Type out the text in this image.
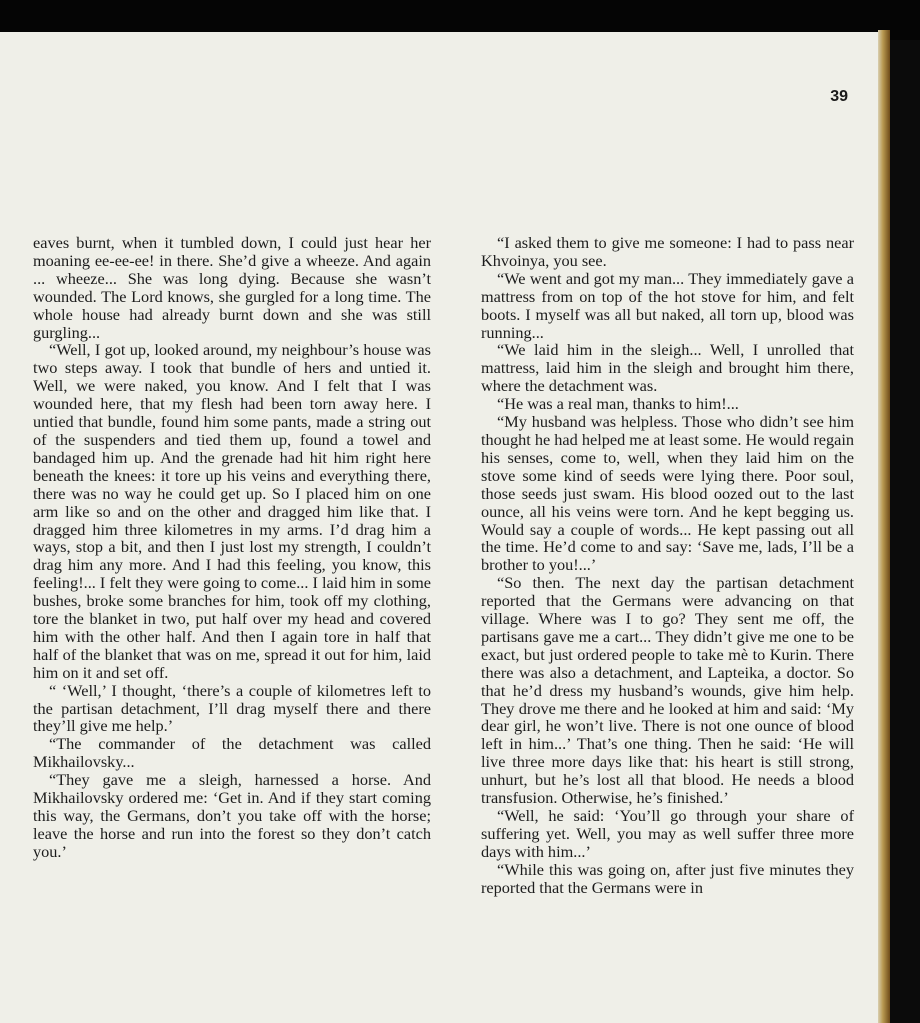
39

eaves burnt, when it tumbled down, I could just hear her moaning ee-ee-ee! in there. She’d give a wheeze. And again ... wheeze... She was long dying. Because she wasn’t wounded. The Lord knows, she gurgled for a long time. The whole house had already burnt down and she was still gurgling...

“Well, I got up, looked around, my neighbour’s house was two steps away. I took that bundle of hers and untied it. Well, we were naked, you know. And I felt that I was wounded here, that my flesh had been torn away here. I untied that bundle, found him some pants, made a string out of the suspenders and tied them up, found a towel and bandaged him up. And the grenade had hit him right here beneath the knees: it tore up his veins and everything there, there was no way he could get up. So I placed him on one arm like so and on the other and dragged him like that. I dragged him three kilometres in my arms. I’d drag him a ways, stop a bit, and then I just lost my strength, I couldn’t drag him any more. And I had this feeling, you know, this feeling!... I felt they were going to come... I laid him in some bushes, broke some branches for him, took off my clothing, tore the blanket in two, put half over my head and covered him with the other half. And then I again tore in half that half of the blanket that was on me, spread it out for him, laid him on it and set off.

“ ‘Well,’ I thought, ‘there’s a couple of kilometres left to the partisan detachment, I’ll drag myself there and there they’ll give me help.’

“The commander of the detachment was called Mikhailovsky...

“They gave me a sleigh, harnessed a horse. And Mikhailovsky ordered me: ‘Get in. And if they start coming this way, the Germans, don’t you take off with the horse; leave the horse and run into the forest so they don’t catch you.’

“I asked them to give me someone: I had to pass near Khvoinya, you see.

“We went and got my man... They immediately gave a mattress from on top of the hot stove for him, and felt boots. I myself was all but naked, all torn up, blood was running...

“We laid him in the sleigh... Well, I unrolled that mattress, laid him in the sleigh and brought him there, where the detachment was.

“He was a real man, thanks to him!...

“My husband was helpless. Those who didn’t see him thought he had helped me at least some. He would regain his senses, come to, well, when they laid him on the stove some kind of seeds were lying there. Poor soul, those seeds just swam. His blood oozed out to the last ounce, all his veins were torn. And he kept begging us. Would say a couple of words... He kept passing out all the time. He’d come to and say: ‘Save me, lads, I’ll be a brother to you!...’

“So then. The next day the partisan detachment reported that the Germans were advancing on that village. Where was I to go? They sent me off, the partisans gave me a cart... They didn’t give me one to be exact, but just ordered people to take mè to Kurin. There there was also a detachment, and Lapteika, a doctor. So that he’d dress my husband’s wounds, give him help. They drove me there and he looked at him and said: ‘My dear girl, he won’t live. There is not one ounce of blood left in him...’ That’s one thing. Then he said: ‘He will live three more days like that: his heart is still strong, unhurt, but he’s lost all that blood. He needs a blood transfusion. Otherwise, he’s finished.’

“Well, he said: ‘You’ll go through your share of suffering yet. Well, you may as well suffer three more days with him...’

“While this was going on, after just five minutes they reported that the Germans were in
